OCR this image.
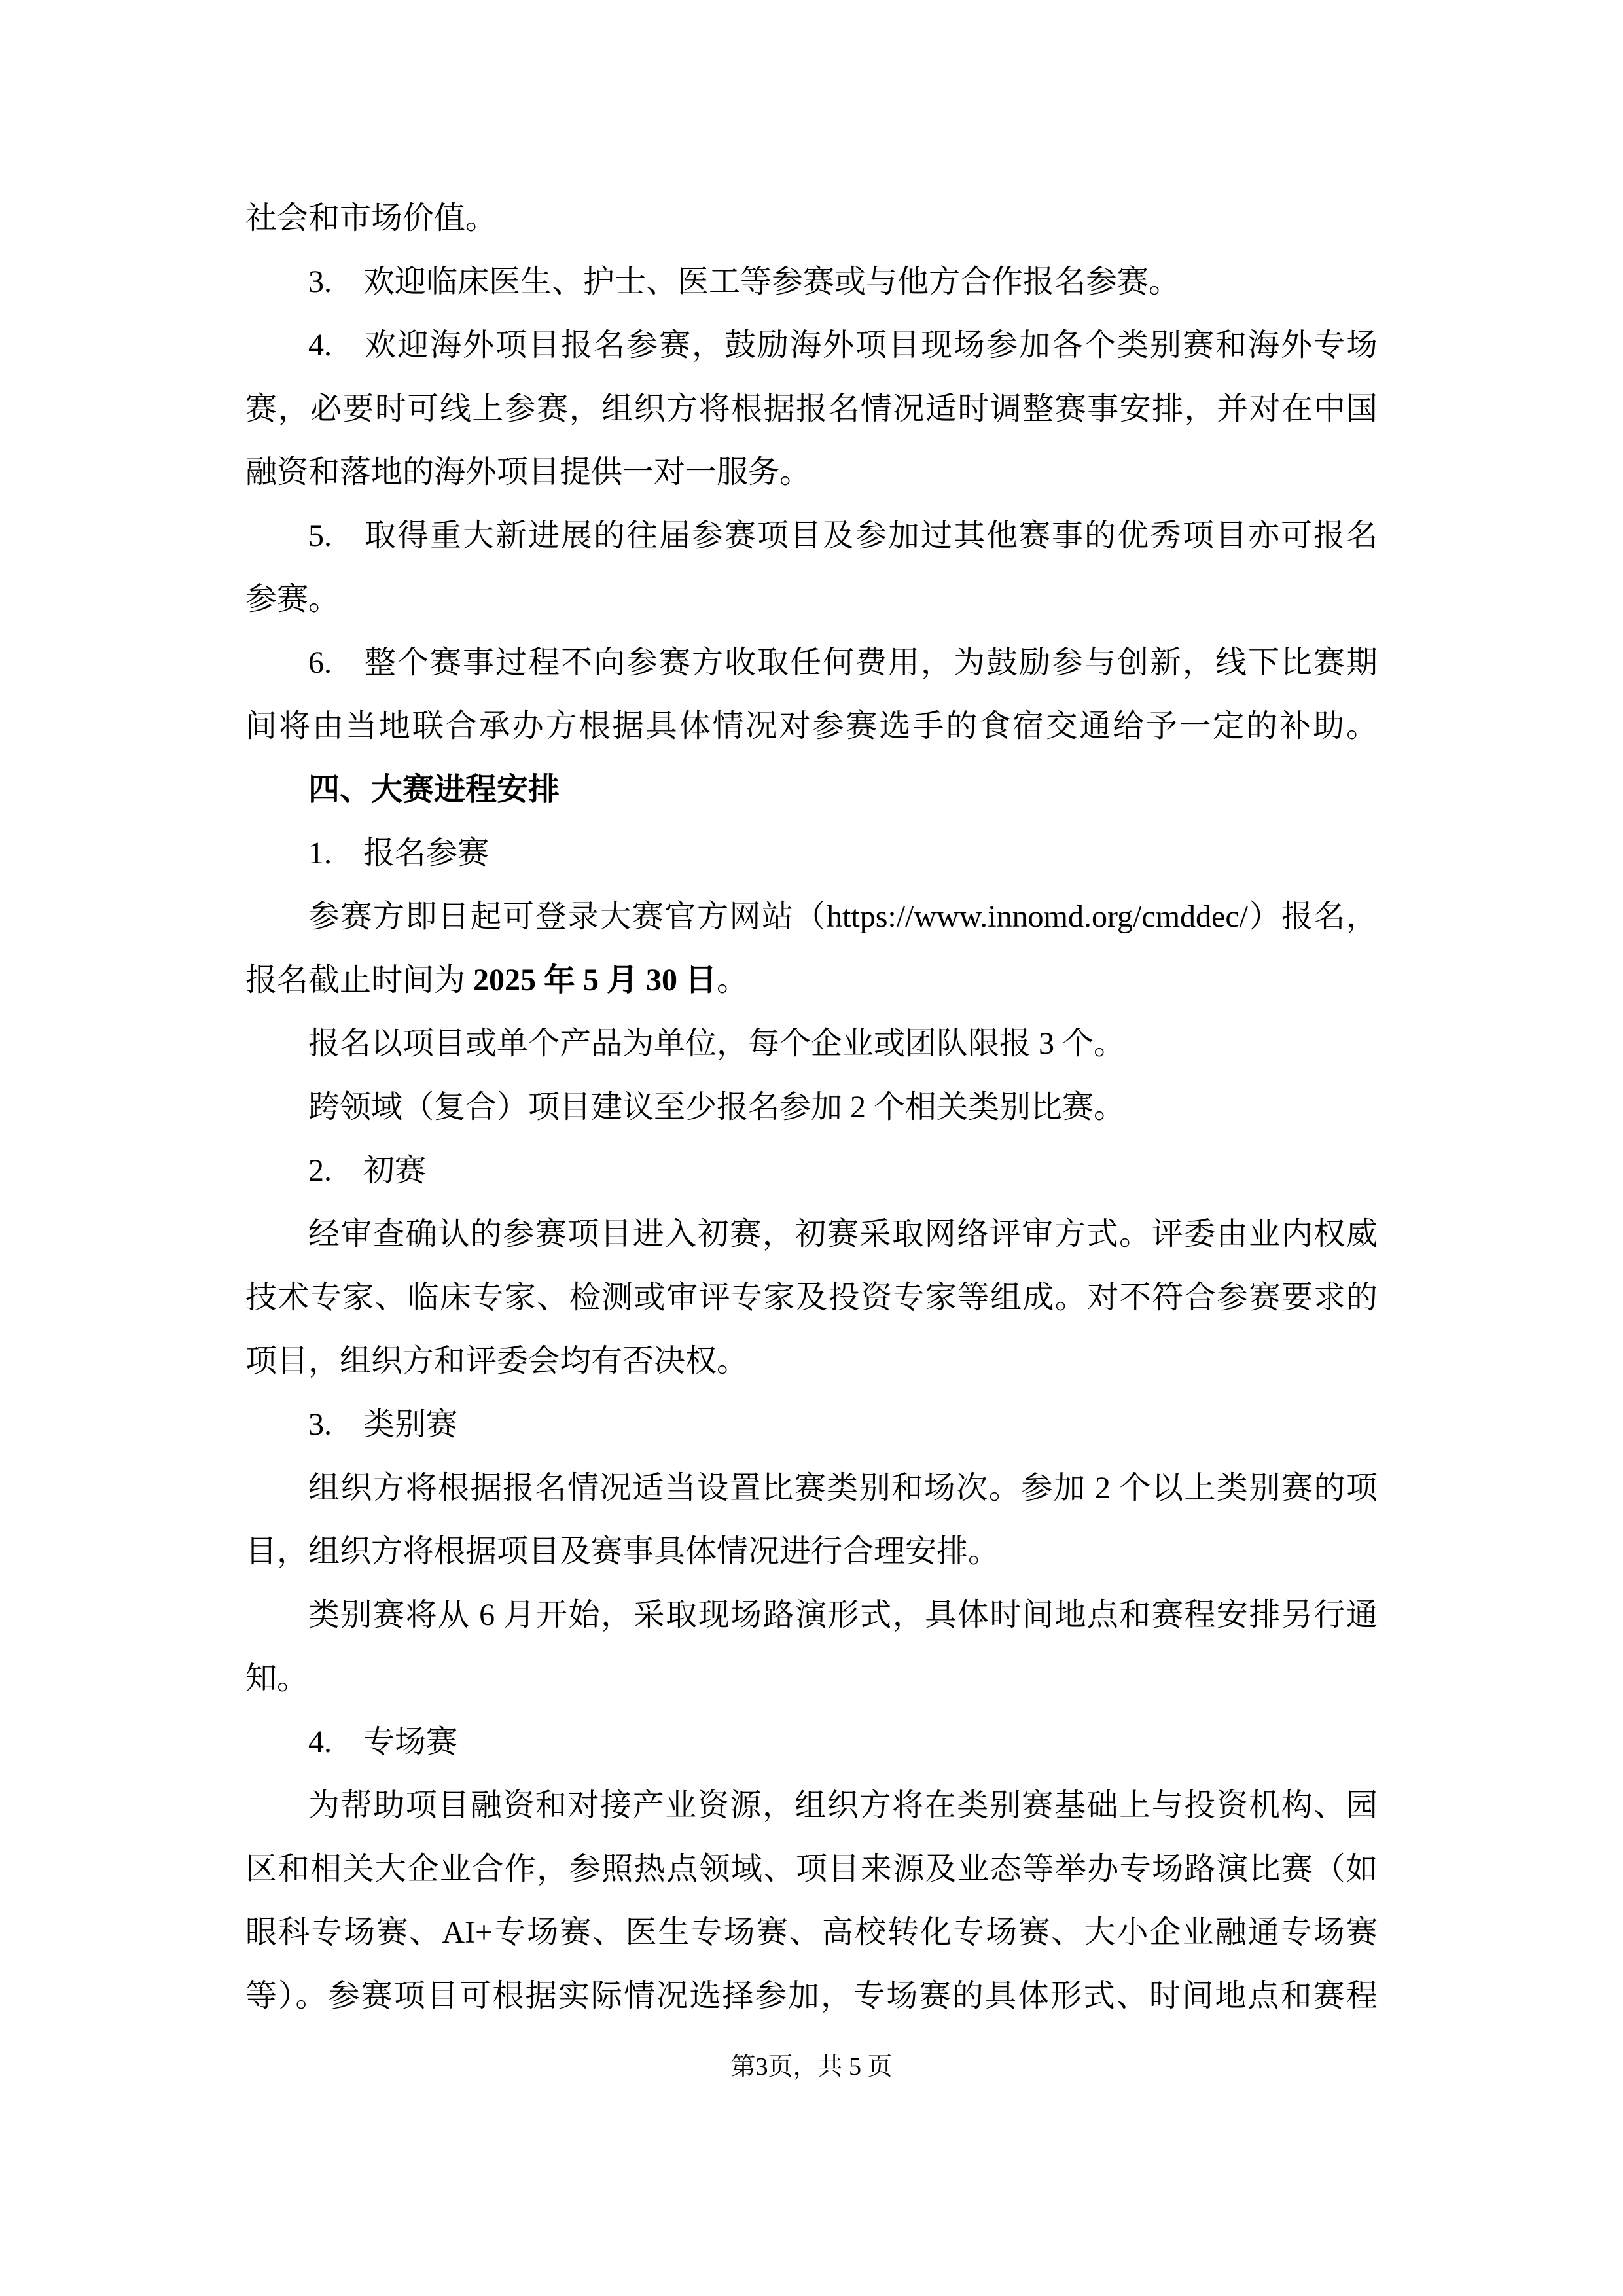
社会和市场价值。
3. 欢迎临床医生、护士、医工等参赛或与他方合作报名参赛。
4. 欢迎海外项目报名参赛，鼓励海外项目现场参加各个类别赛和海外专场
赛，必要时可线上参赛，组织方将根据报名情况适时调整赛事安排，并对在中国
融资和落地的海外项目提供一对一服务。
5. 取得重大新进展的往届参赛项目及参加过其他赛事的优秀项目亦可报名
参赛。
6. 整个赛事过程不向参赛方收取任何费用，为鼓励参与创新，线下比赛期
间将由当地联合承办方根据具体情况对参赛选手的食宿交通给予一定的补助。
四、大赛进程安排
1. 报名参赛
参赛方即日起可登录大赛官方网站（https://www.innomd.org/cmddec/）报名，
报名截止时间为 2025 年 5 月 30 日。
报名以项目或单个产品为单位，每个企业或团队限报 3 个。
跨领域（复合）项目建议至少报名参加 2 个相关类别比赛。
2. 初赛
经审查确认的参赛项目进入初赛，初赛采取网络评审方式。评委由业内权威
技术专家、临床专家、检测或审评专家及投资专家等组成。对不符合参赛要求的
项目，组织方和评委会均有否决权。
3. 类别赛
组织方将根据报名情况适当设置比赛类别和场次。参加 2 个以上类别赛的项
目，组织方将根据项目及赛事具体情况进行合理安排。
类别赛将从 6 月开始，采取现场路演形式，具体时间地点和赛程安排另行通
知。
4. 专场赛
为帮助项目融资和对接产业资源，组织方将在类别赛基础上与投资机构、园
区和相关大企业合作，参照热点领域、项目来源及业态等举办专场路演比赛（如
眼科专场赛、AI+专场赛、医生专场赛、高校转化专场赛、大小企业融通专场赛
等）。参赛项目可根据实际情况选择参加，专场赛的具体形式、时间地点和赛程
第3页，共 5 页
